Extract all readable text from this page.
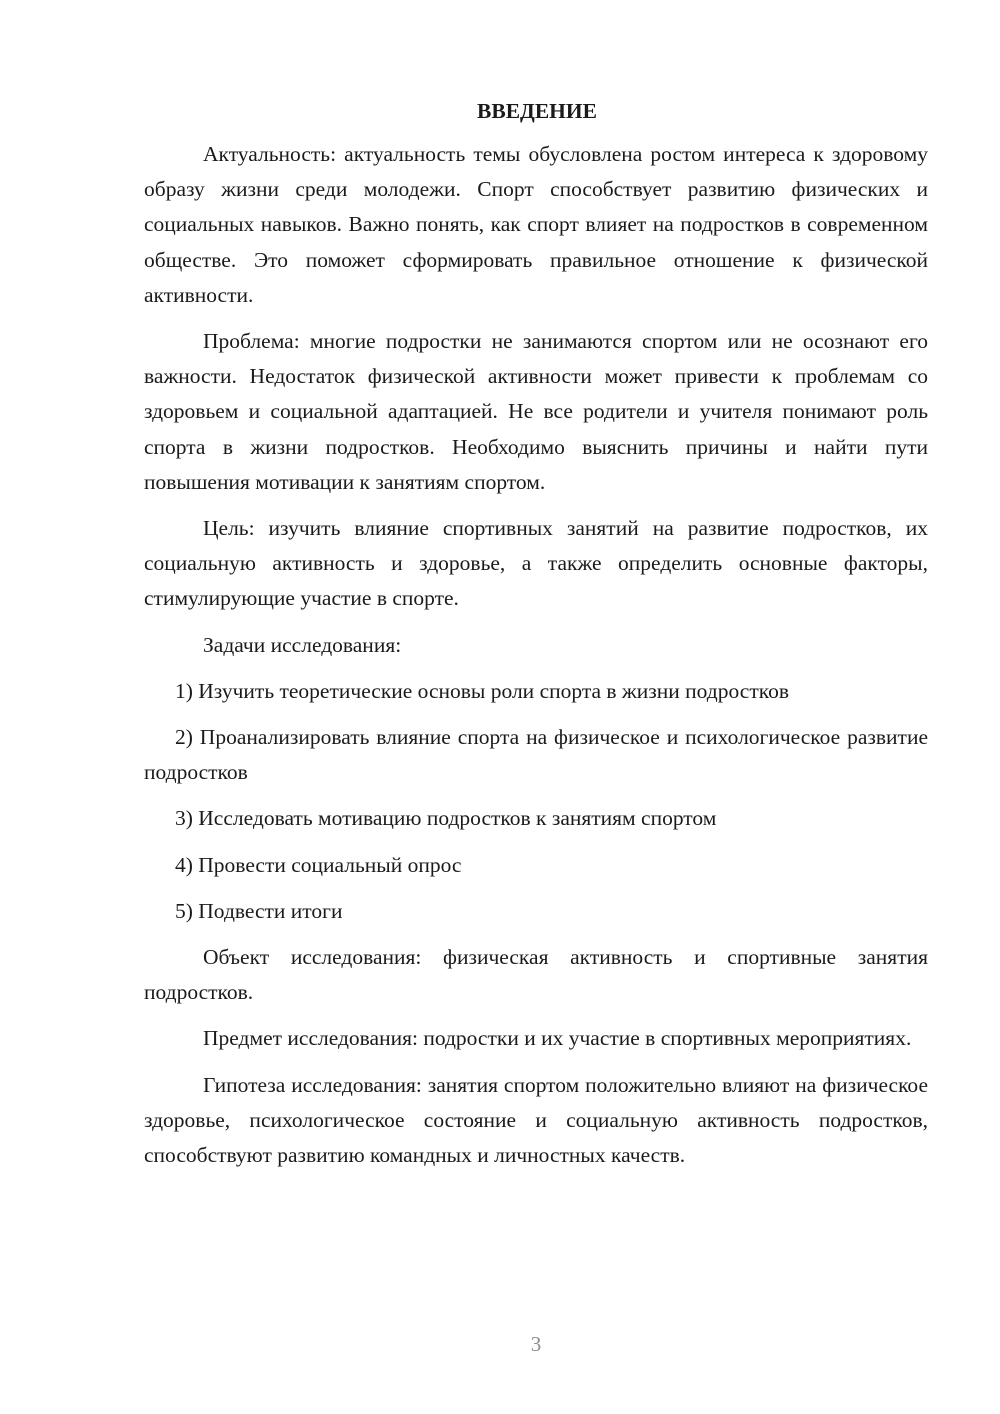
ВВЕДЕНИЕ

Актуальность: актуальность темы обусловлена ростом интереса к здоровому образу жизни среди молодежи. Спорт способствует развитию физических и социальных навыков. Важно понять, как спорт влияет на подростков в современном обществе. Это поможет сформировать правильное отношение к физической активности.

Проблема: многие подростки не занимаются спортом или не осознают его важности. Недостаток физической активности может привести к проблемам со здоровьем и социальной адаптацией. Не все родители и учителя понимают роль спорта в жизни подростков. Необходимо выяснить причины и найти пути повышения мотивации к занятиям спортом.

Цель: изучить влияние спортивных занятий на развитие подростков, их социальную активность и здоровье, а также определить основные факторы, стимулирующие участие в спорте.

Задачи исследования:

1) Изучить теоретические основы роли спорта в жизни подростков

2) Проанализировать влияние спорта на физическое и психологическое развитие подростков

3) Исследовать мотивацию подростков к занятиям спортом

4) Провести социальный опрос

5) Подвести итоги

Объект исследования: физическая активность и спортивные занятия подростков.

Предмет исследования: подростки и их участие в спортивных мероприятиях.

Гипотеза исследования: занятия спортом положительно влияют на физическое здоровье, психологическое состояние и социальную активность подростков, способствуют развитию командных и личностных качеств.

3
